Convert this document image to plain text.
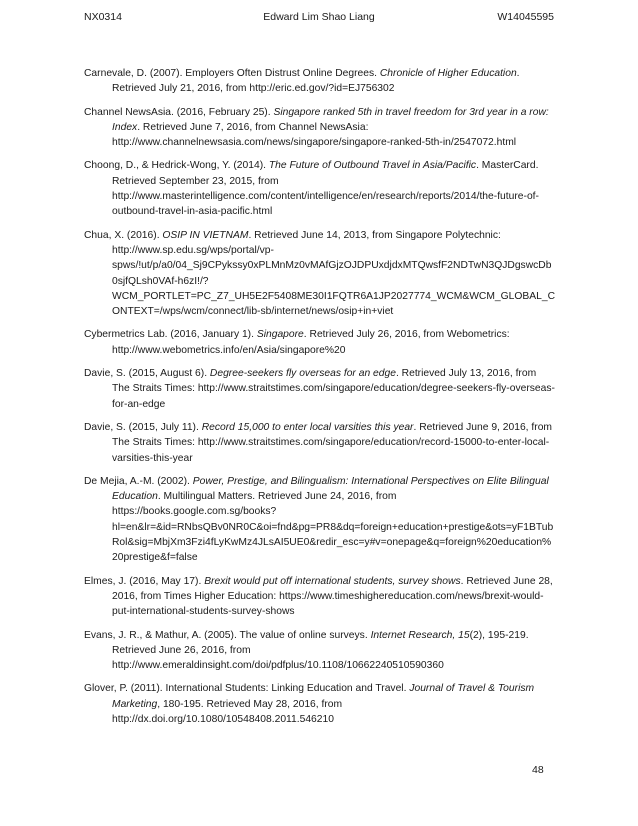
NX0314	Edward Lim Shao Liang	W14045595
Carnevale, D. (2007). Employers Often Distrust Online Degrees. Chronicle of Higher Education. Retrieved July 21, 2016, from http://eric.ed.gov/?id=EJ756302
Channel NewsAsia. (2016, February 25). Singapore ranked 5th in travel freedom for 3rd year in a row: Index. Retrieved June 7, 2016, from Channel NewsAsia: http://www.channelnewsasia.com/news/singapore/singapore-ranked-5th-in/2547072.html
Choong, D., & Hedrick-Wong, Y. (2014). The Future of Outbound Travel in Asia/Pacific. MasterCard. Retrieved September 23, 2015, from http://www.masterintelligence.com/content/intelligence/en/research/reports/2014/the-future-of-outbound-travel-in-asia-pacific.html
Chua, X. (2016). OSIP IN VIETNAM. Retrieved June 14, 2013, from Singapore Polytechnic: http://www.sp.edu.sg/wps/portal/vp-spws/!ut/p/a0/04_Sj9CPykssy0xPLMnMz0vMAfGjzOJDPUxdjdxMTQwsfF2NDTwN3QJDgswcDb0sjfQLsh0VAf-h6zI!/?WCM_PORTLET=PC_Z7_UH5E2F5408ME30I1FQTR6A1JP2027774_WCM&WCM_GLOBAL_CONTEXT=/wps/wcm/connect/lib-sb/internet/news/osip+in+viet
Cybermetrics Lab. (2016, January 1). Singapore. Retrieved July 26, 2016, from Webometrics: http://www.webometrics.info/en/Asia/singapore%20
Davie, S. (2015, August 6). Degree-seekers fly overseas for an edge. Retrieved July 13, 2016, from The Straits Times: http://www.straitstimes.com/singapore/education/degree-seekers-fly-overseas-for-an-edge
Davie, S. (2015, July 11). Record 15,000 to enter local varsities this year. Retrieved June 9, 2016, from The Straits Times: http://www.straitstimes.com/singapore/education/record-15000-to-enter-local-varsities-this-year
De Mejia, A.-M. (2002). Power, Prestige, and Bilingualism: International Perspectives on Elite Bilingual Education. Multilingual Matters. Retrieved June 24, 2016, from https://books.google.com.sg/books?hl=en&lr=&id=RNbsQBv0NR0C&oi=fnd&pg=PR8&dq=foreign+education+prestige&ots=yF1BTubRol&sig=MbjXm3Fzi4fLyKwMz4JLsAI5UE0&redir_esc=y#v=onepage&q=foreign%20education%20prestige&f=false
Elmes, J. (2016, May 17). Brexit would put off international students, survey shows. Retrieved June 28, 2016, from Times Higher Education: https://www.timeshighereducation.com/news/brexit-would-put-international-students-survey-shows
Evans, J. R., & Mathur, A. (2005). The value of online surveys. Internet Research, 15(2), 195-219. Retrieved June 26, 2016, from http://www.emeraldinsight.com/doi/pdfplus/10.1108/10662240510590360
Glover, P. (2011). International Students: Linking Education and Travel. Journal of Travel & Tourism Marketing, 180-195. Retrieved May 28, 2016, from http://dx.doi.org/10.1080/10548408.2011.546210
48
